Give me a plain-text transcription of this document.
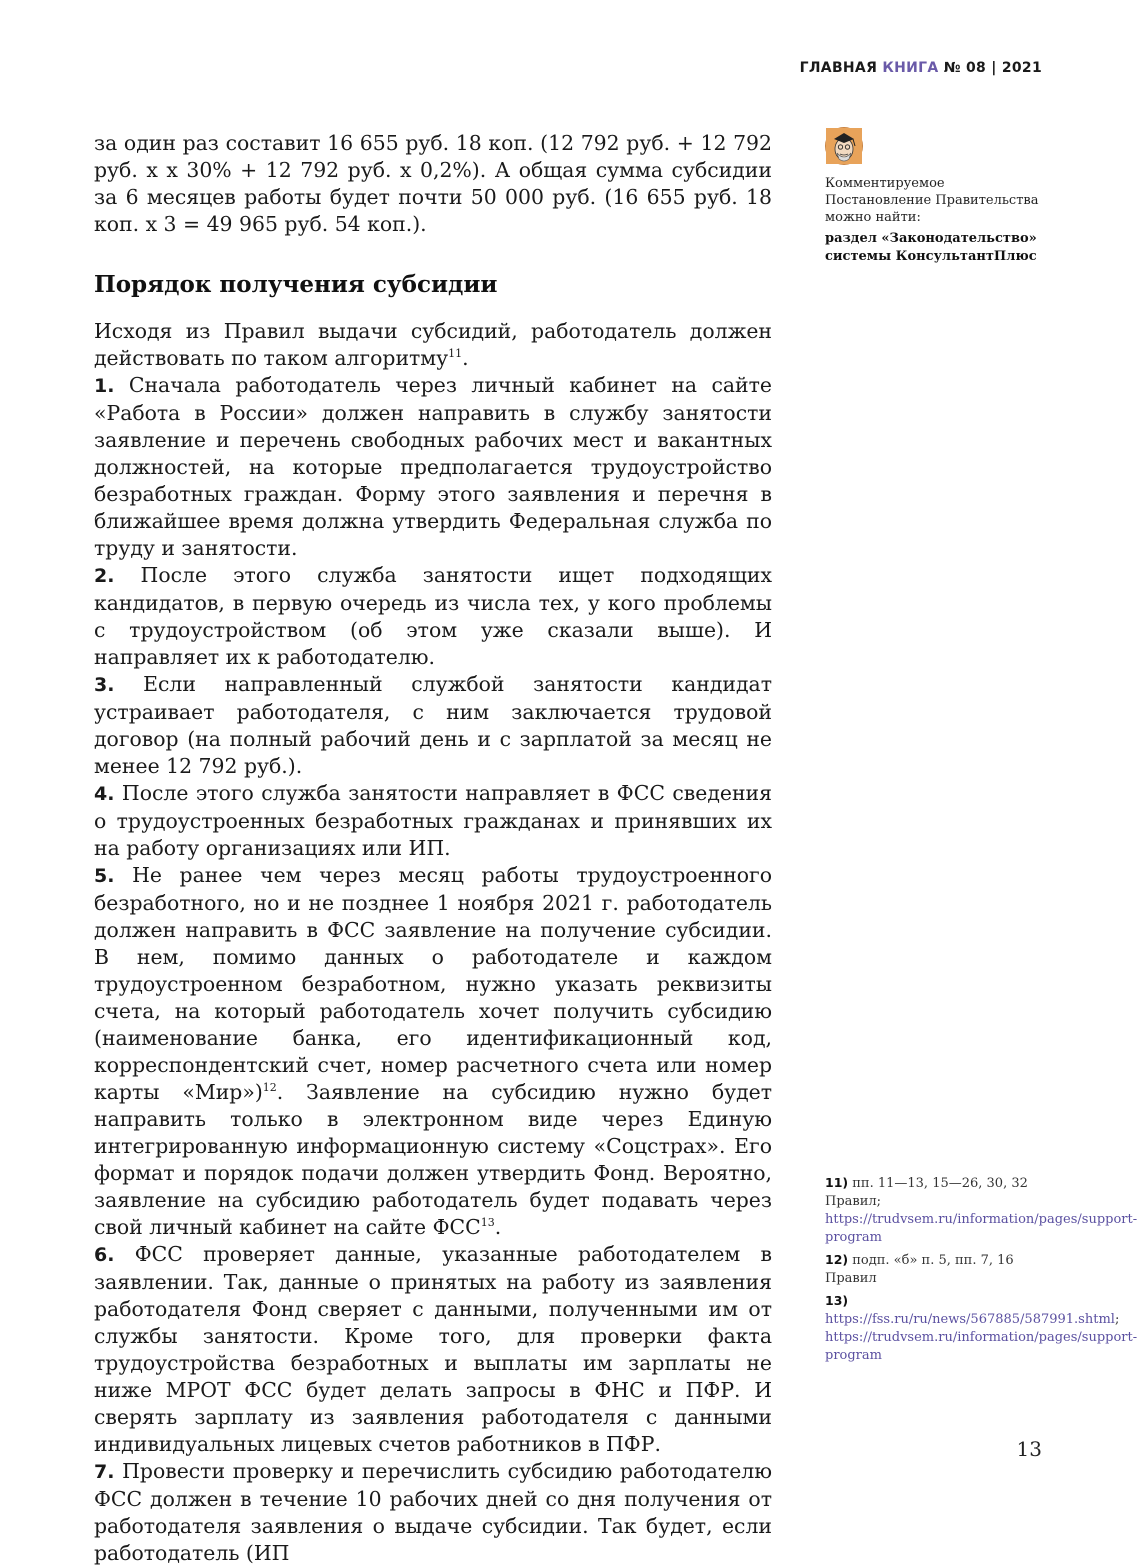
ГЛАВНАЯ КНИГА № 08 | 2021

за один раз составит 16 655 руб. 18 коп. (12 792 руб. + 12 792 руб. х х 30% + 12 792 руб. х 0,2%). А общая сумма субсидии за 6 месяцев работы будет почти 50 000 руб. (16 655 руб. 18 коп. х 3 = 49 965 руб. 54 коп.).

Порядок получения субсидии

Исходя из Правил выдачи субсидий, работодатель должен действовать по таком алгоритму$^{11}$.

1. Сначала работодатель через личный кабинет на сайте «Работа в России» должен направить в службу занятости заявление и перечень свободных рабочих мест и вакантных должностей, на которые предполагается трудоустройство безработных граждан. Форму этого заявления и перечня в ближайшее время должна утвердить Федеральная служба по труду и занятости.

2. После этого служба занятости ищет подходящих кандидатов, в первую очередь из числа тех, у кого проблемы с трудоустройством (об этом уже сказали выше). И направляет их к работодателю.

3. Если направленный службой занятости кандидат устраивает работодателя, с ним заключается трудовой договор (на полный рабочий день и с зарплатой за месяц не менее 12 792 руб.).

4. После этого служба занятости направляет в ФСС сведения о трудоустроенных безработных гражданах и принявших их на работу организациях или ИП.

5. Не ранее чем через месяц работы трудоустроенного безработного, но и не позднее 1 ноября 2021 г. работодатель должен направить в ФСС заявление на получение субсидии. В нем, помимо данных о работодателе и каждом трудоустроенном безработном, нужно указать реквизиты счета, на который работодатель хочет получить субсидию (наименование банка, его идентификационный код, корреспондентский счет, номер расчетного счета или номер карты «Мир»)$^{12}$. Заявление на субсидию нужно будет направить только в электронном виде через Единую интегрированную информационную систему «Соцстрах». Его формат и порядок подачи должен утвердить Фонд. Вероятно, заявление на субсидию работодатель будет подавать через свой личный кабинет на сайте ФСС$^{13}$.

6. ФСС проверяет данные, указанные работодателем в заявлении. Так, данные о принятых на работу из заявления работодателя Фонд сверяет с данными, полученными им от службы занятости. Кроме того, для проверки факта трудоустройства безработных и выплаты им зарплаты не ниже МРОТ ФСС будет делать запросы в ФНС и ПФР. И сверять зарплату из заявления работодателя с данными индивидуальных лицевых счетов работников в ПФР.

7. Провести проверку и перечислить субсидию работодателю ФСС должен в течение 10 рабочих дней со дня получения от работодателя заявления о выдаче субсидии. Так будет, если работодатель (ИП

Комментируемое Постановление Правительства можно найти:
раздел «Законодательство» системы КонсультантПлюс
11) пп. 11—13, 15—26, 30, 32 Правил; https://trudvsem.ru/information/pages/support-program
12) подп. «б» п. 5, пп. 7, 16 Правил
13) https://fss.ru/ru/news/567885/587991.shtml; https://trudvsem.ru/information/pages/support-program
13
